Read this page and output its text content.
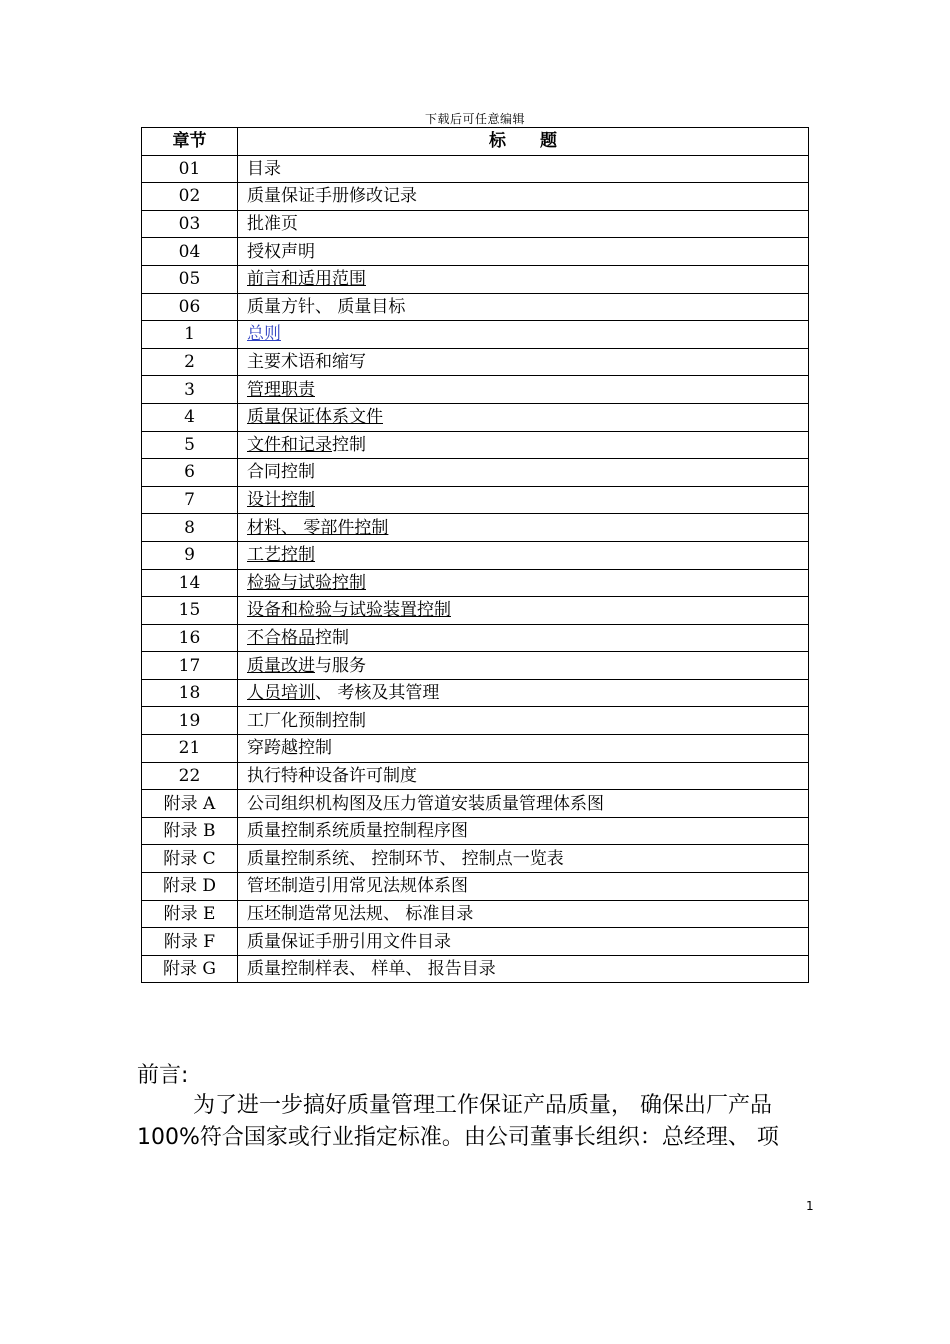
下载后可任意编辑
章节	标　　题
01	目录
02	质量保证手册修改记录
03	批准页
04	授权声明
05	前言和适用范围
06	质量方针、 质量目标
1	总则
2	主要术语和缩写
3	管理职责
4	质量保证体系文件
5	文件和记录控制
6	合同控制
7	设计控制
8	材料、 零部件控制
9	工艺控制
14	检验与试验控制
15	设备和检验与试验装置控制
16	不合格品控制
17	质量改进与服务
18	人员培训、 考核及其管理
19	工厂化预制控制
21	穿跨越控制
22	执行特种设备许可制度
附录 A	公司组织机构图及压力管道安装质量管理体系图
附录 B	质量控制系统质量控制程序图
附录 C	质量控制系统、 控制环节、 控制点一览表
附录 D	管坯制造引用常见法规体系图
附录 E	压坯制造常见法规、 标准目录
附录 F	质量保证手册引用文件目录
附录 G	质量控制样表、 样单、 报告目录
前言:

为了进一步搞好质量管理工作保证产品质量， 确保出厂产品

100%符合国家或行业指定标准。由公司董事长组织：总经理、 项

1
